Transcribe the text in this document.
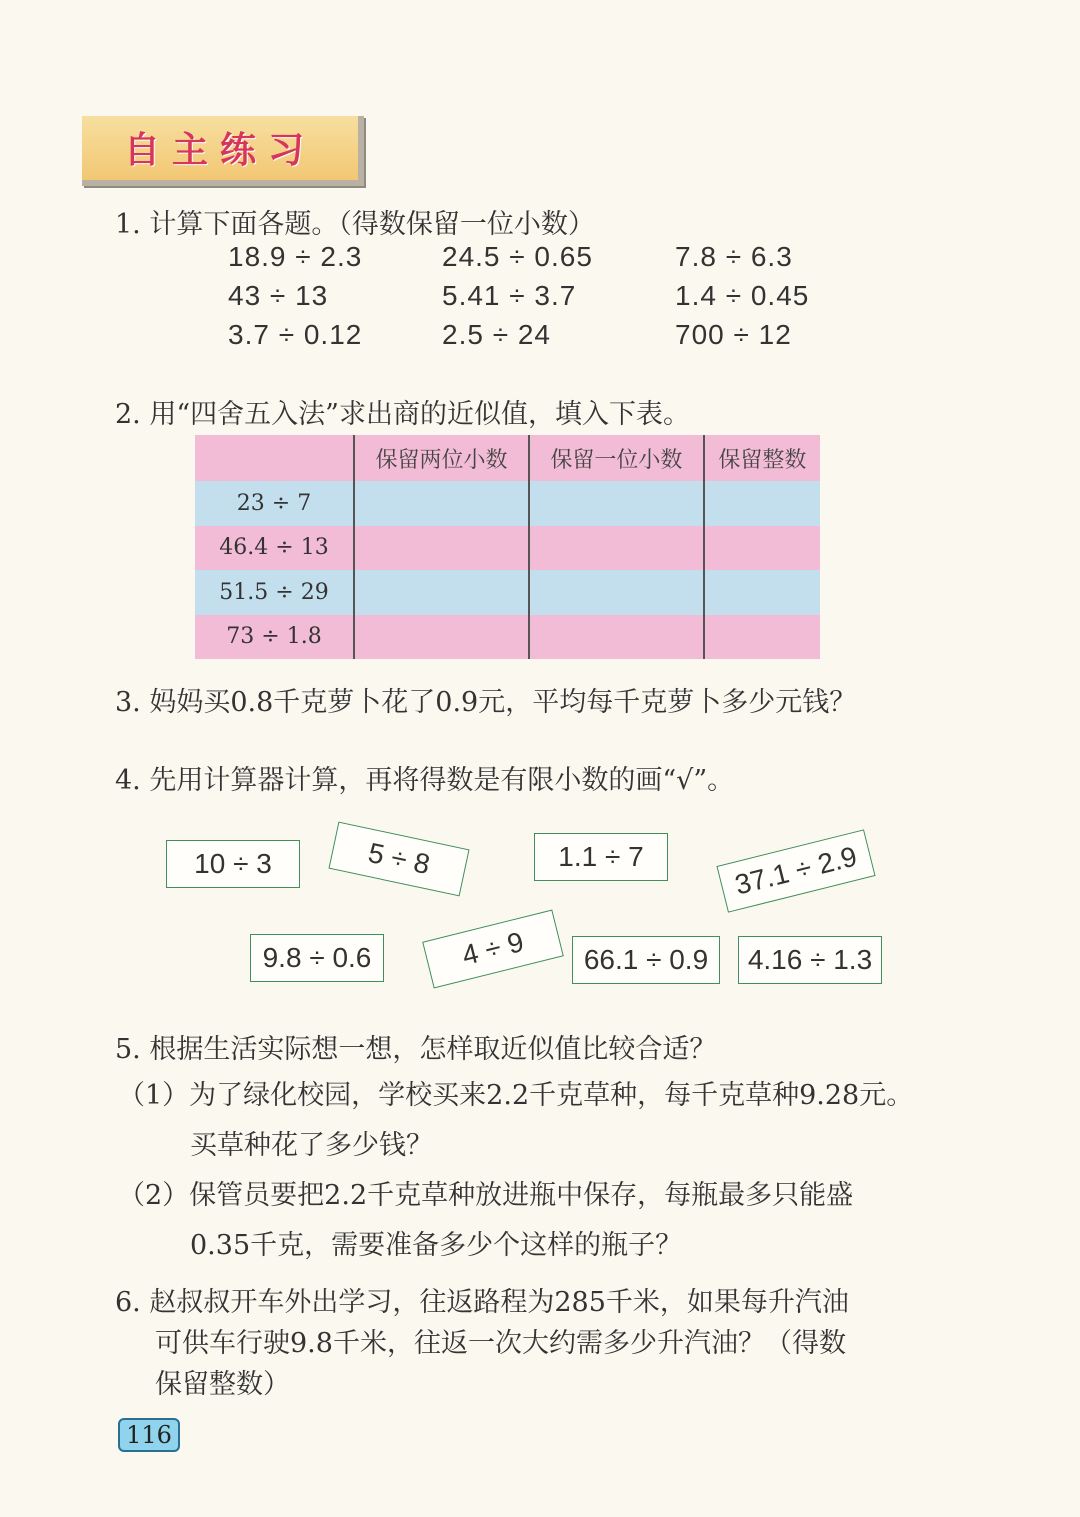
自主练习
1. 计算下面各题。（得数保留一位小数）
18.9 ÷ 2.3	24.5 ÷ 0.65	7.8 ÷ 6.3
43 ÷ 13	5.41 ÷ 3.7	1.4 ÷ 0.45
3.7 ÷ 0.12	2.5 ÷ 24	700 ÷ 12
2. 用“四舍五入法”求出商的近似值，填入下表。
	保留两位小数	保留一位小数	保留整数
23 ÷ 7			
46.4 ÷ 13			
51.5 ÷ 29			
73 ÷ 1.8			
3. 妈妈买0.8千克萝卜花了0.9元，平均每千克萝卜多少元钱？
4. 先用计算器计算，再将得数是有限小数的画“√”。
10 ÷ 3	5 ÷ 8	1.1 ÷ 7	37.1 ÷ 2.9
9.8 ÷ 0.6	4 ÷ 9	66.1 ÷ 0.9	4.16 ÷ 1.3
5. 根据生活实际想一想，怎样取近似值比较合适？
（1）为了绿化校园，学校买来2.2千克草种，每千克草种9.28元。
买草种花了多少钱？
（2）保管员要把2.2千克草种放进瓶中保存，每瓶最多只能盛
0.35千克，需要准备多少个这样的瓶子？
6. 赵叔叔开车外出学习，往返路程为285千米，如果每升汽油
可供车行驶9.8千米，往返一次大约需多少升汽油？（得数
保留整数）
116
